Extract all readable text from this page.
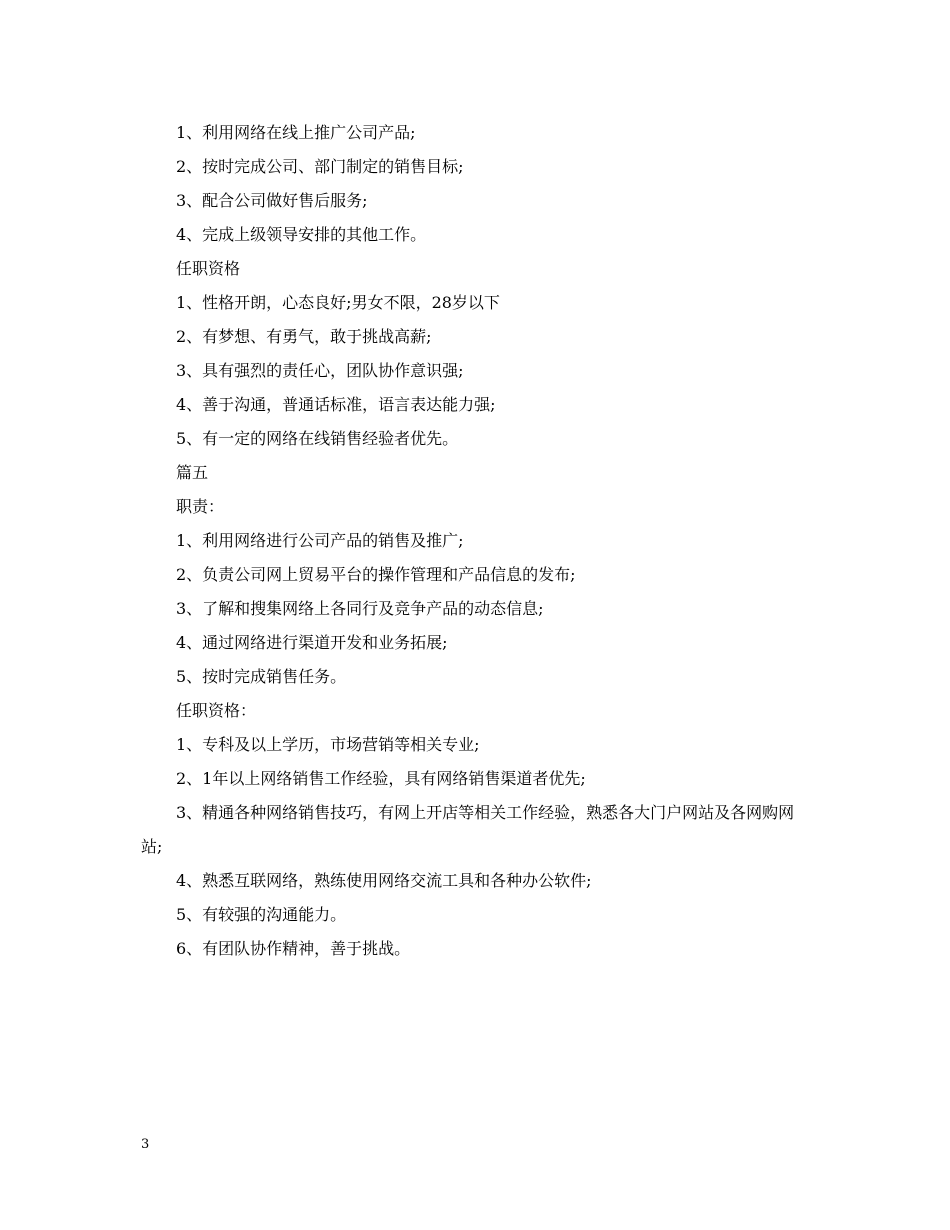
1、利用网络在线上推广公司产品;

2、按时完成公司、部门制定的销售目标;

3、配合公司做好售后服务;

4、完成上级领导安排的其他工作。

任职资格

1、性格开朗，心态良好;男女不限，28岁以下

2、有梦想、有勇气，敢于挑战高薪;

3、具有强烈的责任心，团队协作意识强;

4、善于沟通，普通话标准，语言表达能力强;

5、有一定的网络在线销售经验者优先。

篇五

职责：

1、利用网络进行公司产品的销售及推广;

2、负责公司网上贸易平台的操作管理和产品信息的发布;

3、了解和搜集网络上各同行及竞争产品的动态信息;

4、通过网络进行渠道开发和业务拓展;

5、按时完成销售任务。

任职资格：

1、专科及以上学历，市场营销等相关专业;

2、1年以上网络销售工作经验，具有网络销售渠道者优先;

3、精通各种网络销售技巧，有网上开店等相关工作经验，熟悉各大门户网站及各网购网站;

4、熟悉互联网络，熟练使用网络交流工具和各种办公软件;

5、有较强的沟通能力。

6、有团队协作精神，善于挑战。

3
